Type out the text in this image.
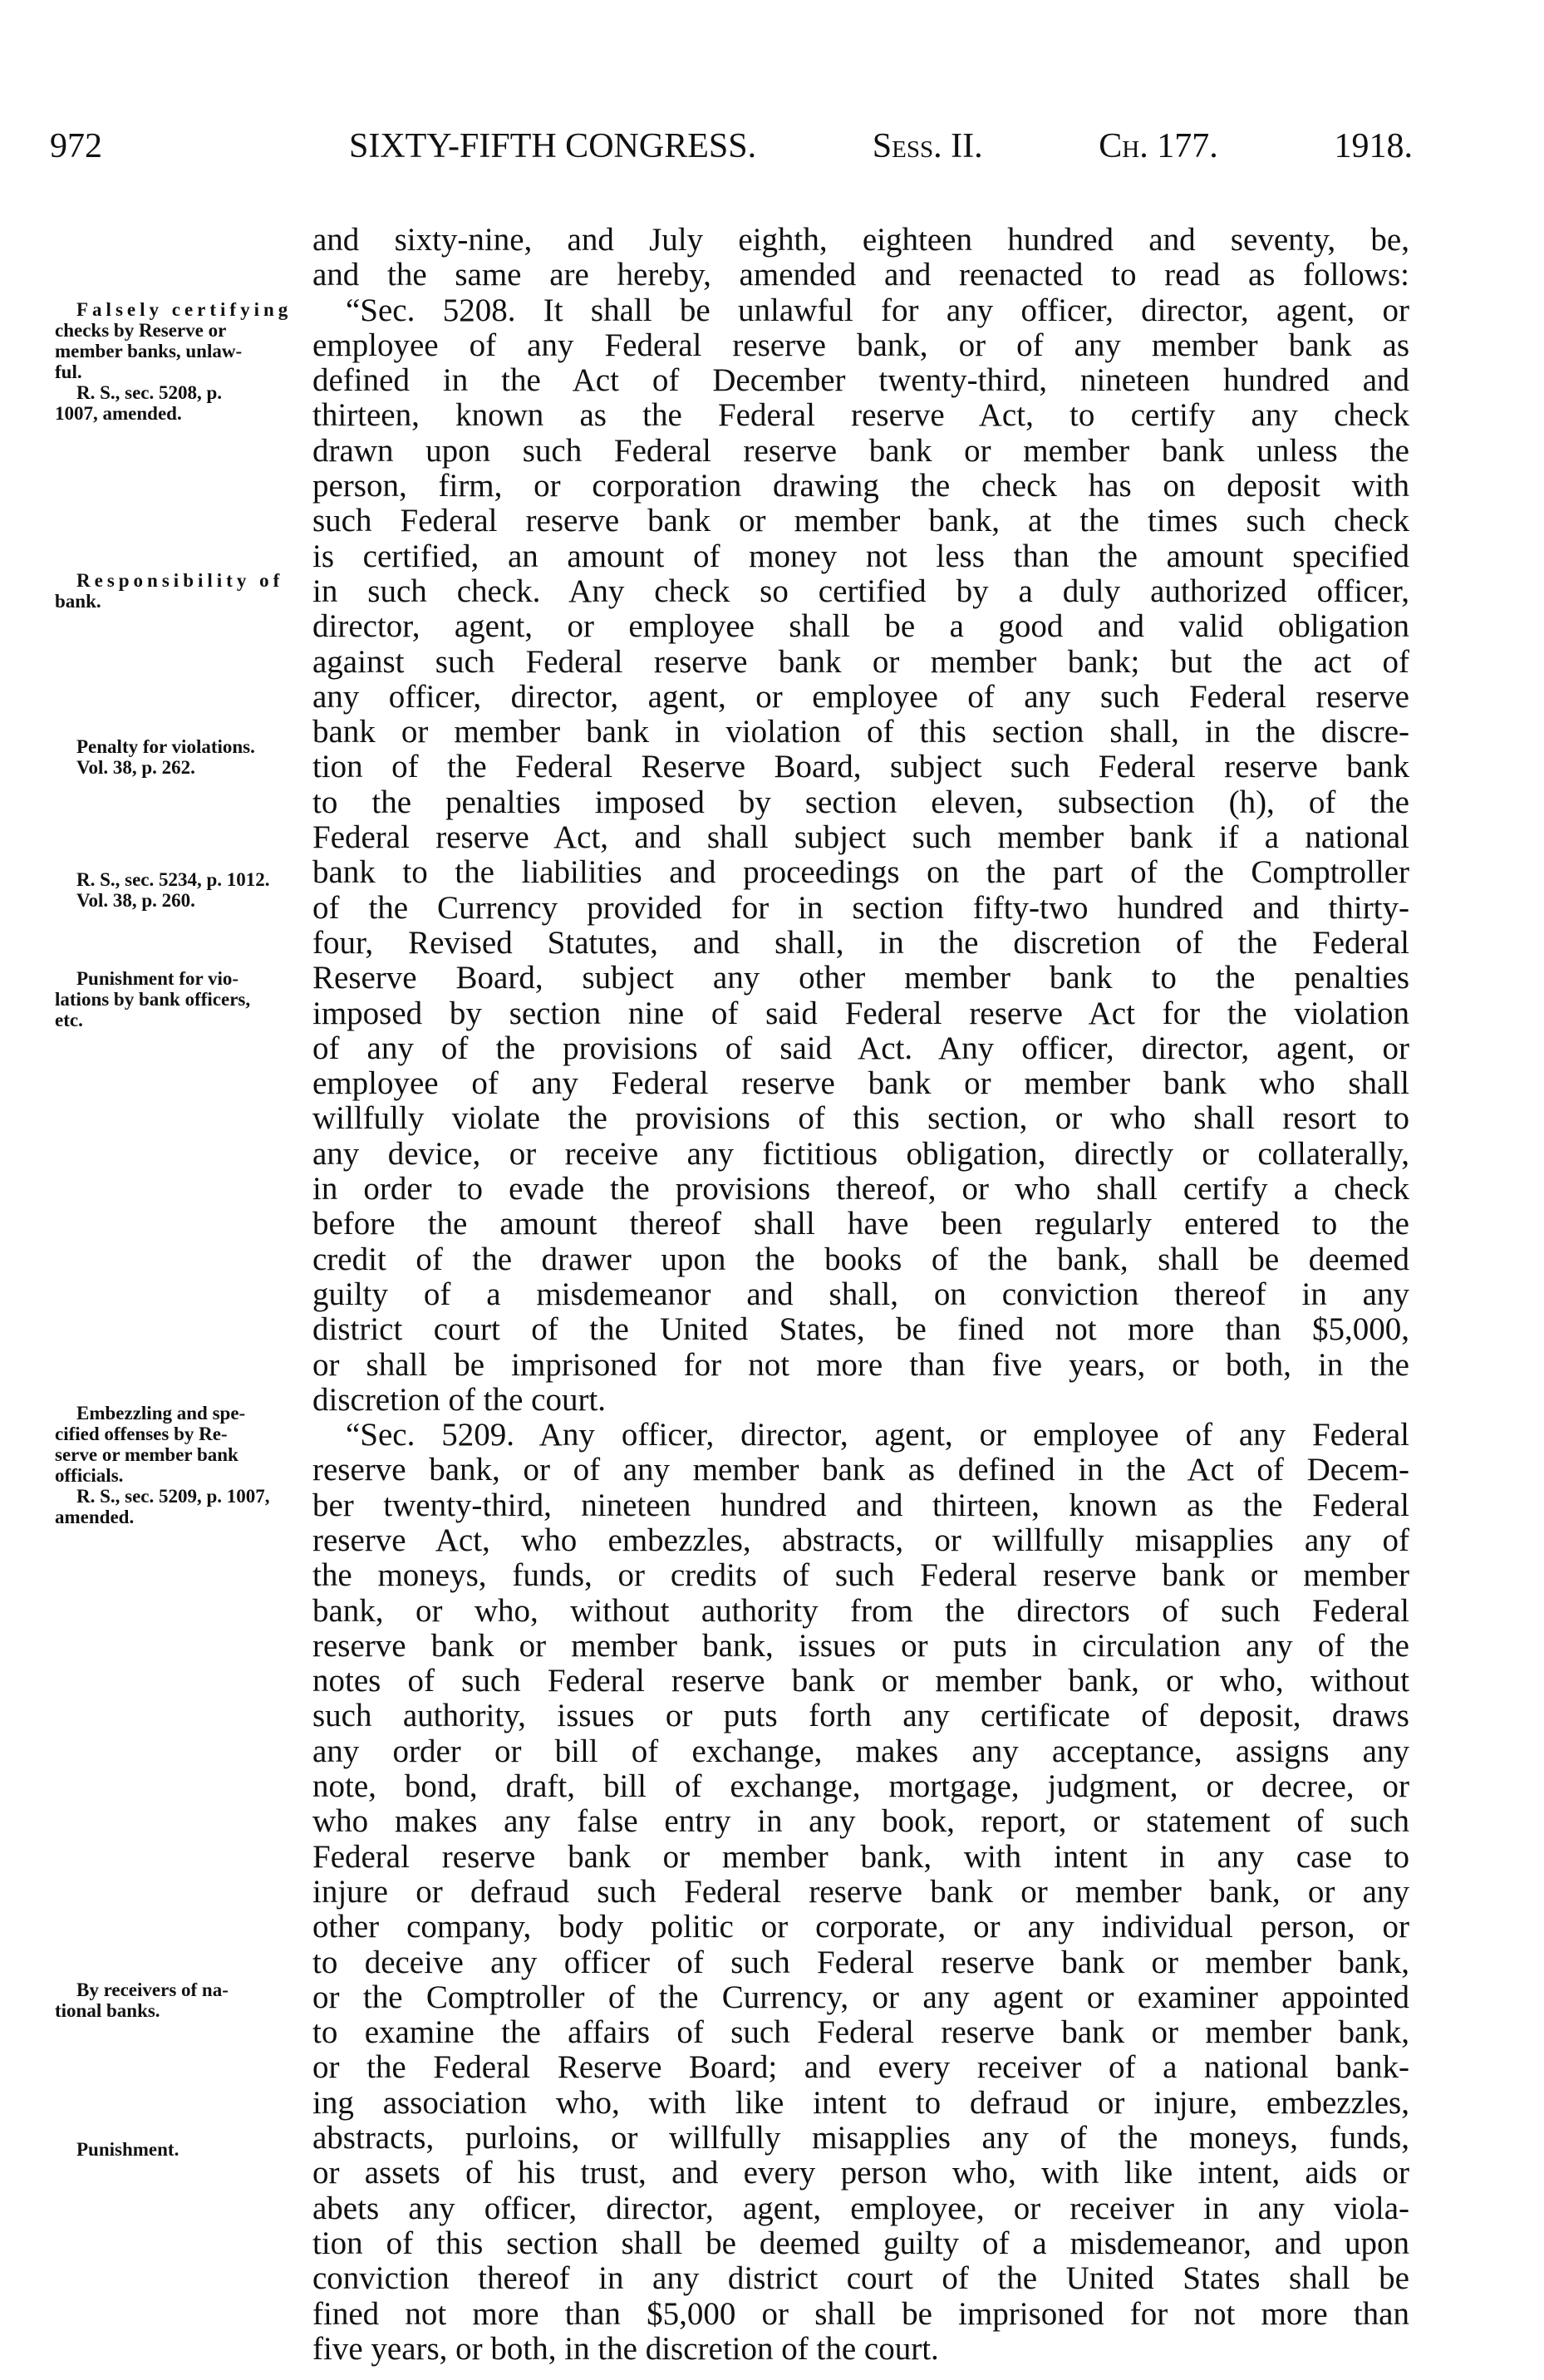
972	SIXTY-FIFTH CONGRESS.	Sess. II.	Ch. 177.	1918.
and sixty-nine, and July eighth, eighteen hundred and seventy, be,
and the same are hereby, amended and reenacted to read as follows:
“Sec. 5208. It shall be unlawful for any officer, director, agent, or
employee of any Federal reserve bank, or of any member bank as
defined in the Act of December twenty-third, nineteen hundred and
thirteen, known as the Federal reserve Act, to certify any check
drawn upon such Federal reserve bank or member bank unless the
person, firm, or corporation drawing the check has on deposit with
such Federal reserve bank or member bank, at the times such check
is certified, an amount of money not less than the amount specified
in such check. Any check so certified by a duly authorized officer,
director, agent, or employee shall be a good and valid obligation
against such Federal reserve bank or member bank; but the act of
any officer, director, agent, or employee of any such Federal reserve
bank or member bank in violation of this section shall, in the discre-
tion of the Federal Reserve Board, subject such Federal reserve bank
to the penalties imposed by section eleven, subsection (h), of the
Federal reserve Act, and shall subject such member bank if a national
bank to the liabilities and proceedings on the part of the Comptroller
of the Currency provided for in section fifty-two hundred and thirty-
four, Revised Statutes, and shall, in the discretion of the Federal
Reserve Board, subject any other member bank to the penalties
imposed by section nine of said Federal reserve Act for the violation
of any of the provisions of said Act. Any officer, director, agent, or
employee of any Federal reserve bank or member bank who shall
willfully violate the provisions of this section, or who shall resort to
any device, or receive any fictitious obligation, directly or collaterally,
in order to evade the provisions thereof, or who shall certify a check
before the amount thereof shall have been regularly entered to the
credit of the drawer upon the books of the bank, shall be deemed
guilty of a misdemeanor and shall, on conviction thereof in any
district court of the United States, be fined not more than $5,000,
or shall be imprisoned for not more than five years, or both, in the
discretion of the court.
“Sec. 5209. Any officer, director, agent, or employee of any Federal
reserve bank, or of any member bank as defined in the Act of Decem-
ber twenty-third, nineteen hundred and thirteen, known as the Federal
reserve Act, who embezzles, abstracts, or willfully misapplies any of
the moneys, funds, or credits of such Federal reserve bank or member
bank, or who, without authority from the directors of such Federal
reserve bank or member bank, issues or puts in circulation any of the
notes of such Federal reserve bank or member bank, or who, without
such authority, issues or puts forth any certificate of deposit, draws
any order or bill of exchange, makes any acceptance, assigns any
note, bond, draft, bill of exchange, mortgage, judgment, or decree, or
who makes any false entry in any book, report, or statement of such
Federal reserve bank or member bank, with intent in any case to
injure or defraud such Federal reserve bank or member bank, or any
other company, body politic or corporate, or any individual person, or
to deceive any officer of such Federal reserve bank or member bank,
or the Comptroller of the Currency, or any agent or examiner appointed
to examine the affairs of such Federal reserve bank or member bank,
or the Federal Reserve Board; and every receiver of a national bank-
ing association who, with like intent to defraud or injure, embezzles,
abstracts, purloins, or willfully misapplies any of the moneys, funds,
or assets of his trust, and every person who, with like intent, aids or
abets any officer, director, agent, employee, or receiver in any viola-
tion of this section shall be deemed guilty of a misdemeanor, and upon
conviction thereof in any district court of the United States shall be
fined not more than $5,000 or shall be imprisoned for not more than
five years, or both, in the discretion of the court.
Falsely certifying
checks by Reserve or
member banks, unlaw-
ful.
R. S., sec. 5208, p.
1007, amended.
Responsibility of
bank.
Penalty for violations.
Vol. 38, p. 262.
R. S., sec. 5234, p. 1012.
Vol. 38, p. 260.
Punishment for vio-
lations by bank officers,
etc.
Embezzling and spe-
cified offenses by Re-
serve or member bank
officials.
R. S., sec. 5209, p. 1007,
amended.
By receivers of na-
tional banks.
Punishment.
